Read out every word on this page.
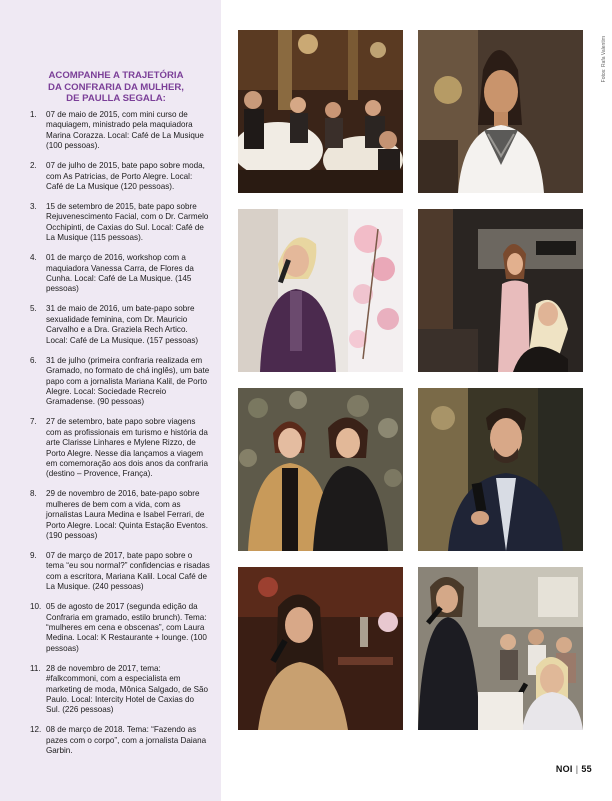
ACOMPANHE A TRAJETÓRIA
DA CONFRARIA DA MULHER,
DE PAULLA SEGALA:
1.	07 de maio de 2015, com mini curso de maquiagem, ministrado pela maquiadora Marina Corazza. Local: Café de La Musique (100 pessoas).
2.	07 de julho de 2015, bate papo sobre moda, com As Patricias, de Porto Alegre. Local: Café de La Musique (120 pessoas).
3.	15 de setembro de 2015, bate papo sobre Rejuvenescimento Facial, com o Dr. Carmelo Occhipinti, de Caxias do Sul. Local: Café de La Musique (115 pessoas).
4.	01 de março de 2016, workshop com a maquiadora Vanessa Carra, de Flores da Cunha. Local: Café de La Musique. (145 pessoas)
5.	31 de maio de 2016, um bate-papo sobre sexualidade feminina, com Dr. Mauricio Carvalho e a Dra. Graziela Rech Artico. Local: Café de La Musique. (157 pessoas)
6.	31 de julho (primeira confraria realizada em Gramado, no formato de chá inglês), um bate papo com a jornalista Mariana Kalil, de Porto Alegre. Local: Sociedade Recreio Gramadense. (90 pessoas)
7.	27 de setembro, bate papo sobre viagens com as profissionais em turismo e história da arte Clarisse Linhares e Mylene Rizzo, de Porto Alegre. Nesse dia lançamos a viagem em comemoração aos dois anos da confraria (destino – Provence, França).
8.	29 de novembro de 2016, bate-papo sobre mulheres de bem com a vida, com as jornalistas Laura Medina e Isabel Ferrari, de Porto Alegre. Local: Quinta Estação Eventos. (190 pessoas)
9.	07 de março de 2017, bate papo sobre o tema “eu sou normal?” confidencias e risadas com a escritora, Mariana Kalil. Local Café de La Musique. (240 pessoas)
10. 05 de agosto de 2017 (segunda edição da Confraria em gramado, estilo brunch). Tema: “mulheres em cena e obscenas”, com Laura Medina. Local: K Restaurante + lounge. (100 pessoas)
11. 28 de novembro de 2017, tema: #falkcommoni, com a especialista em marketing de moda, Mônica Salgado, de São Paulo. Local: Intercity Hotel de Caxias do Sul. (226 pessoas)
12. 08 de março de 2018. Tema: “Fazendo as pazes com o corpo”, com a jornalista Daiana Garbin.
Fotos: Rafa Valentim
NOI | 55
